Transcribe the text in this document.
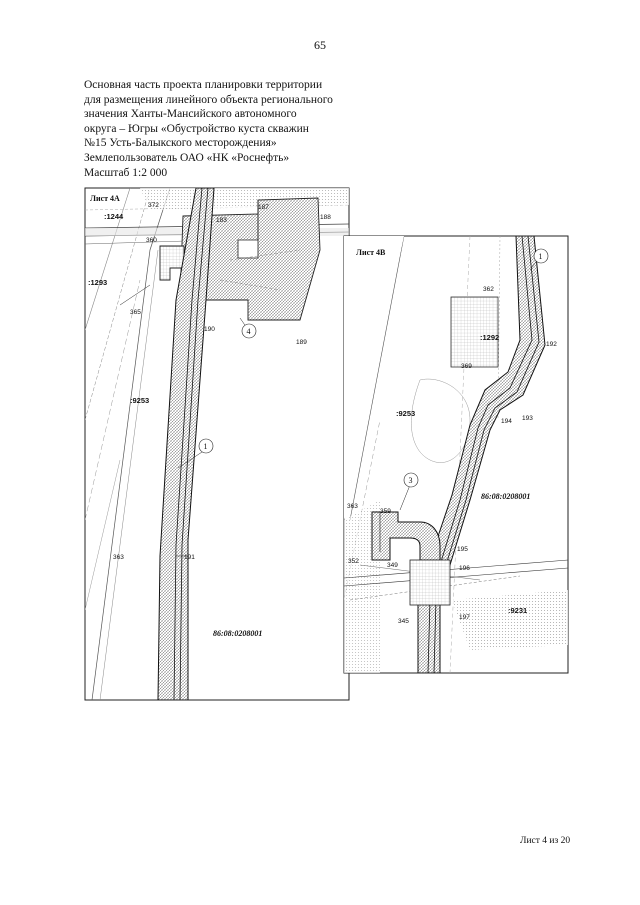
65
Основная часть проекта планировки территории
для размещения линейного объекта регионального
значения Ханты-Мансийского автономного
округа – Югры «Обустройство куста скважин
№15 Усть-Балыкского месторождения»
Землепользователь ОАО «НК «Роснефть»
Масштаб 1:2 000
Лист 4А
:1244
:1293
:9253
86:08:0208001
187
188
183
190
189
191
363
360
365
372
4
1
Лист 4В
:1292
:9253
:9231
86:08:0208001
362
192
369
194 193
363
359
352
349
195
196
345
197
1
3
Лист 4 из 20
